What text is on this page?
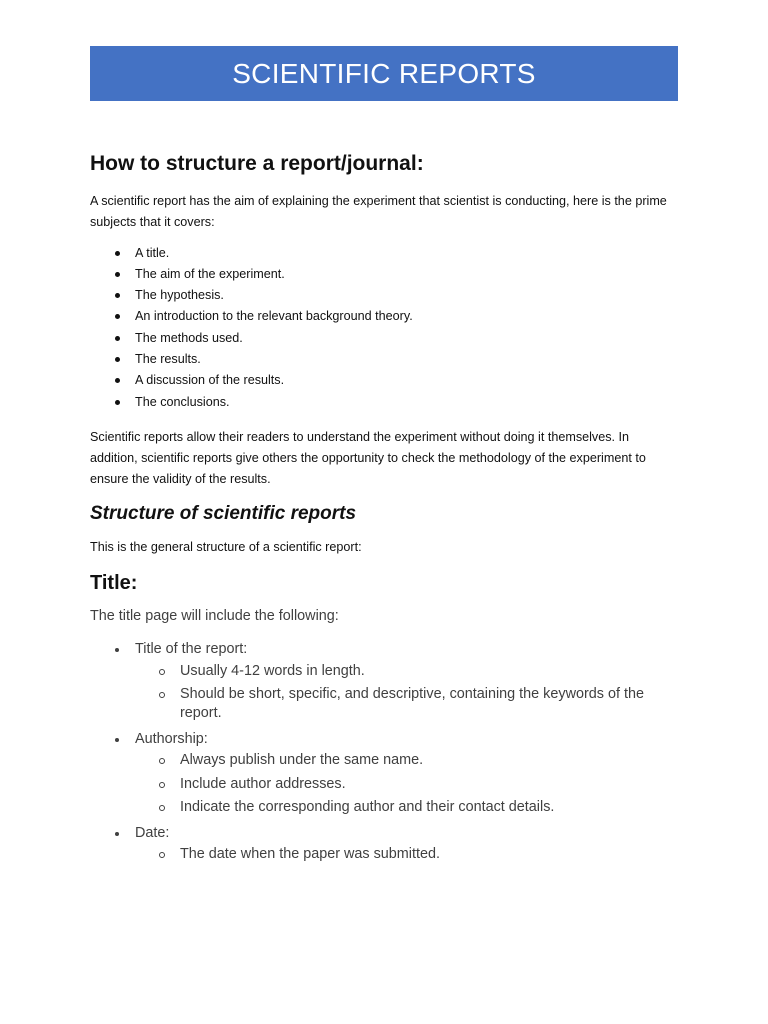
SCIENTIFIC REPORTS
How to structure a report/journal:

A scientific report has the aim of explaining the experiment that scientist is conducting, here is the prime subjects that it covers:

A title.
The aim of the experiment.
The hypothesis.
An introduction to the relevant background theory.
The methods used.
The results.
A discussion of the results.
The conclusions.

Scientific reports allow their readers to understand the experiment without doing it themselves. In addition, scientific reports give others the opportunity to check the methodology of the experiment to ensure the validity of the results.

Structure of scientific reports

This is the general structure of a scientific report:

Title:

The title page will include the following:

Title of the report:
Usually 4-12 words in length.
Should be short, specific, and descriptive, containing the keywords of the report.
Authorship:
Always publish under the same name.
Include author addresses.
Indicate the corresponding author and their contact details.
Date:
The date when the paper was submitted.
